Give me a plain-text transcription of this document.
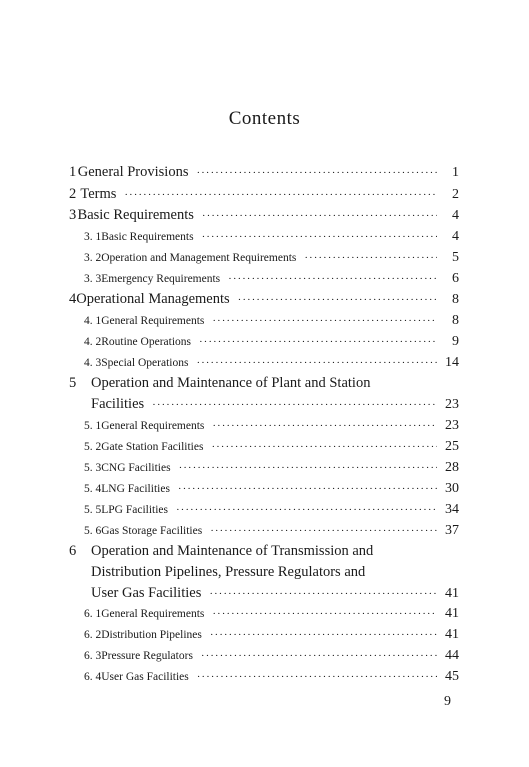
Contents
1 General Provisions ·····	1
2 Terms ·····	2
3 Basic Requirements ·····	4
3. 1 Basic Requirements ·····	4
3. 2 Operation and Management Requirements ·····	5
3. 3 Emergency Requirements ·····	6
4 Operational Managements ·····	8
4. 1 General Requirements ·····	8
4. 2 Routine Operations ·····	9
4. 3 Special Operations ·····	14
5 Operation and Maintenance of Plant and Station
Facilities ·····	23
5. 1 General Requirements ·····	23
5. 2 Gate Station Facilities ·····	25
5. 3 CNG Facilities ·····	28
5. 4 LNG Facilities ·····	30
5. 5 LPG Facilities ·····	34
5. 6 Gas Storage Facilities ·····	37
6 Operation and Maintenance of Transmission and
Distribution Pipelines, Pressure Regulators and
User Gas Facilities ·····	41
6. 1 General Requirements ·····	41
6. 2 Distribution Pipelines ·····	41
6. 3 Pressure Regulators ·····	44
6. 4 User Gas Facilities ·····	45
9
